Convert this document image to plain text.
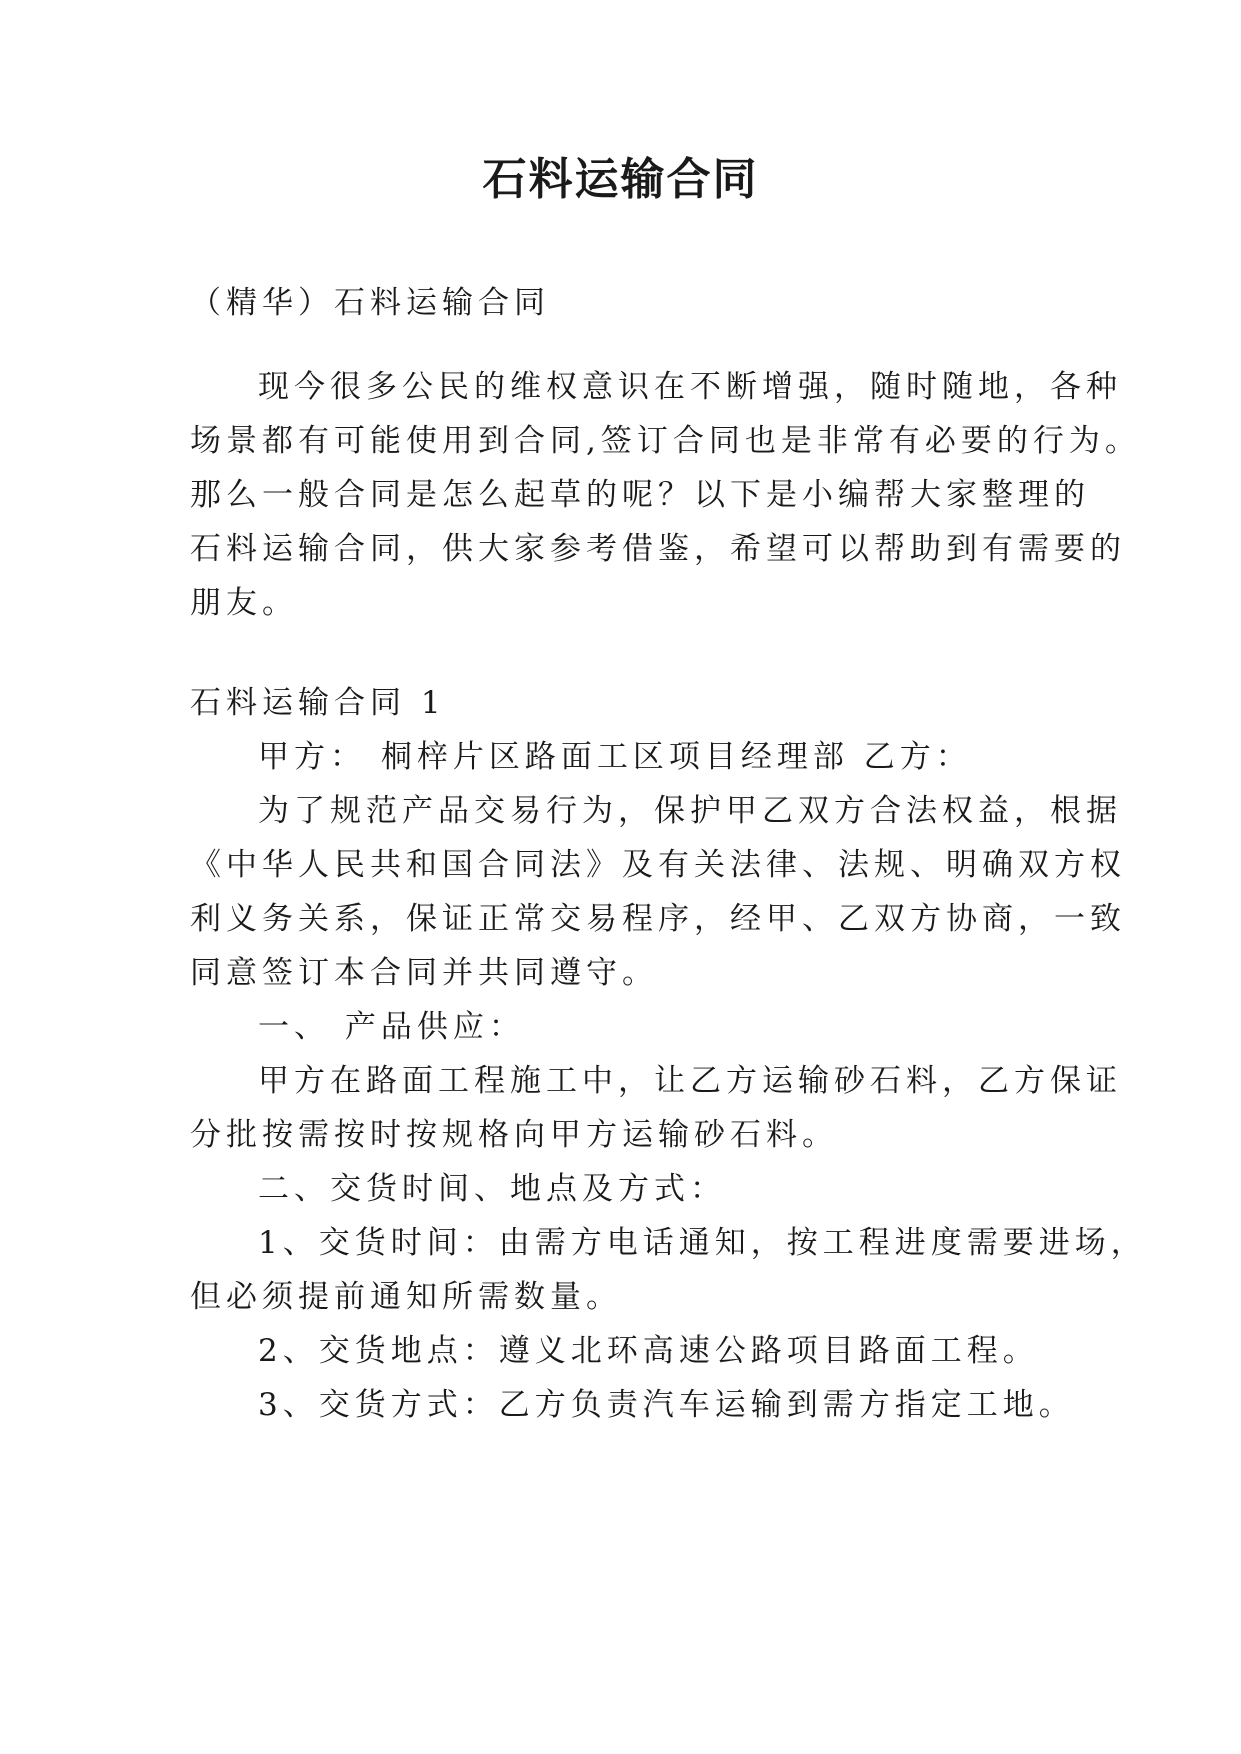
石料运输合同
（精华）石料运输合同
现今很多公民的维权意识在不断增强，随时随地，各种
场景都有可能使用到合同,签订合同也是非常有必要的行为。
那么一般合同是怎么起草的呢？以下是小编帮大家整理的
石料运输合同，供大家参考借鉴，希望可以帮助到有需要的
朋友。
石料运输合同 1
甲方： 桐梓片区路面工区项目经理部 乙方：
为了规范产品交易行为，保护甲乙双方合法权益，根据
《中华人民共和国合同法》及有关法律、法规、明确双方权
利义务关系，保证正常交易程序，经甲、乙双方协商，一致
同意签订本合同并共同遵守。
一、 产品供应：
甲方在路面工程施工中，让乙方运输砂石料，乙方保证
分批按需按时按规格向甲方运输砂石料。
二、交货时间、地点及方式：
1、交货时间：由需方电话通知，按工程进度需要进场，
但必须提前通知所需数量。
2、交货地点：遵义北环高速公路项目路面工程。
3、交货方式：乙方负责汽车运输到需方指定工地。
